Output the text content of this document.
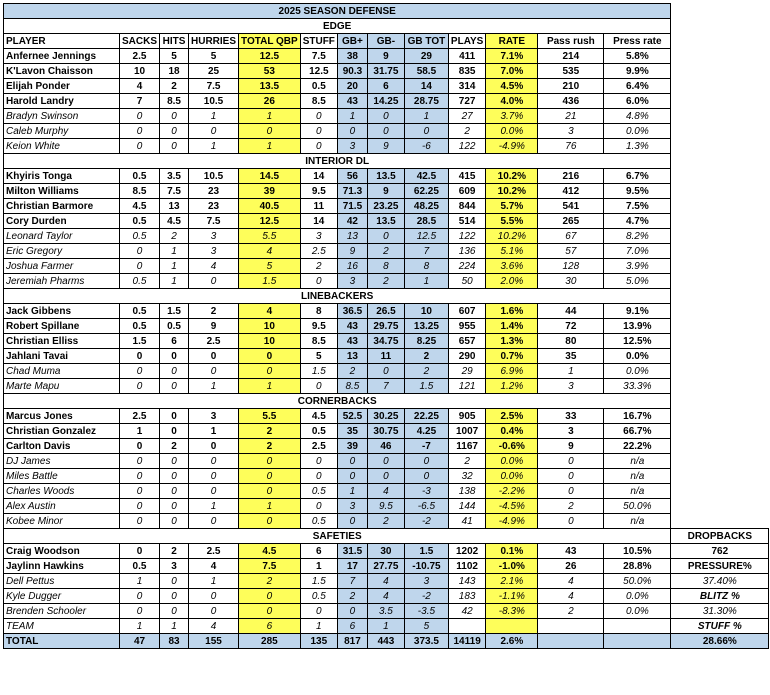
2025 SEASON DEFENSE													
EDGE													
PLAYER	SACKS	HITS	HURRIES	TOTAL QBP	STUFF	GB+	GB-	GB TOT	PLAYS	RATE	Pass rush	Press rate	
Anfernee Jennings	2.5	5	5	12.5	7.5	38	9	29	411	7.1%	214	5.8%	
K'Lavon Chaisson	10	18	25	53	12.5	90.3	31.75	58.5	835	7.0%	535	9.9%	
Elijah Ponder	4	2	7.5	13.5	0.5	20	6	14	314	4.5%	210	6.4%	
Harold Landry	7	8.5	10.5	26	8.5	43	14.25	28.75	727	4.0%	436	6.0%	
Bradyn Swinson	0	0	1	1	0	1	0	1	27	3.7%	21	4.8%	
Caleb Murphy	0	0	0	0	0	0	0	0	2	0.0%	3	0.0%	
Keion White	0	0	1	1	0	3	9	-6	122	-4.9%	76	1.3%	
INTERIOR DL													
Khyiris Tonga	0.5	3.5	10.5	14.5	14	56	13.5	42.5	415	10.2%	216	6.7%	
Milton Williams	8.5	7.5	23	39	9.5	71.3	9	62.25	609	10.2%	412	9.5%	
Christian Barmore	4.5	13	23	40.5	11	71.5	23.25	48.25	844	5.7%	541	7.5%	
Cory Durden	0.5	4.5	7.5	12.5	14	42	13.5	28.5	514	5.5%	265	4.7%	
Leonard Taylor	0.5	2	3	5.5	3	13	0	12.5	122	10.2%	67	8.2%	
Eric Gregory	0	1	3	4	2.5	9	2	7	136	5.1%	57	7.0%	
Joshua Farmer	0	1	4	5	2	16	8	8	224	3.6%	128	3.9%	
Jeremiah Pharms	0.5	1	0	1.5	0	3	2	1	50	2.0%	30	5.0%	
LINEBACKERS													
Jack Gibbens	0.5	1.5	2	4	8	36.5	26.5	10	607	1.6%	44	9.1%	
Robert Spillane	0.5	0.5	9	10	9.5	43	29.75	13.25	955	1.4%	72	13.9%	
Christian Elliss	1.5	6	2.5	10	8.5	43	34.75	8.25	657	1.3%	80	12.5%	
Jahlani Tavai	0	0	0	0	5	13	11	2	290	0.7%	35	0.0%	
Chad Muma	0	0	0	0	1.5	2	0	2	29	6.9%	1	0.0%	
Marte Mapu	0	0	1	1	0	8.5	7	1.5	121	1.2%	3	33.3%	
CORNERBACKS													
Marcus Jones	2.5	0	3	5.5	4.5	52.5	30.25	22.25	905	2.5%	33	16.7%	
Christian Gonzalez	1	0	1	2	0.5	35	30.75	4.25	1007	0.4%	3	66.7%	
Carlton Davis	0	2	0	2	2.5	39	46	-7	1167	-0.6%	9	22.2%	
DJ James	0	0	0	0	0	0	0	0	2	0.0%	0	n/a	
Miles Battle	0	0	0	0	0	0	0	0	32	0.0%	0	n/a	
Charles Woods	0	0	0	0	0.5	1	4	-3	138	-2.2%	0	n/a	
Alex Austin	0	0	1	1	0	3	9.5	-6.5	144	-4.5%	2	50.0%	
Kobee Minor	0	0	0	0	0.5	0	2	-2	41	-4.9%	0	n/a	
SAFETIES													DROPBACKS
Craig Woodson	0	2	2.5	4.5	6	31.5	30	1.5	1202	0.1%	43	10.5%	762
Jaylinn Hawkins	0.5	3	4	7.5	1	17	27.75	-10.75	1102	-1.0%	26	28.8%	PRESSURE%
Dell Pettus	1	0	1	2	1.5	7	4	3	143	2.1%	4	50.0%	37.40%
Kyle Dugger	0	0	0	0	0.5	2	4	-2	183	-1.1%	4	0.0%	BLITZ %
Brenden Schooler	0	0	0	0	0	0	3.5	-3.5	42	-8.3%	2	0.0%	31.30%
TEAM	1	1	4	6	1	6	1	5					STUFF %
TOTAL	47	83	155	285	135	817	443	373.5	14119	2.6%			28.66%
